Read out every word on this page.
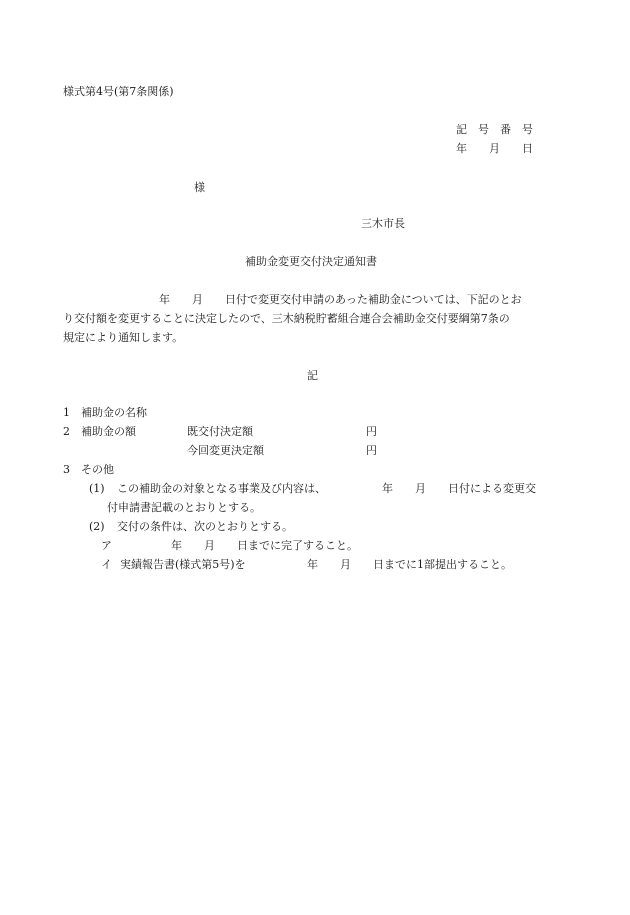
様式第4号(第7条関係)
記　号　番　号
年　　月　　日
様
三木市長
補助金変更交付決定通知書
年　　月　　日付で変更交付申請のあった補助金については、下記のとお
り交付額を変更することに決定したので、三木納税貯蓄組合連合会補助金交付要綱第7条の
規定により通知します。
記
1　補助金の名称
2　補助金の額	既交付決定額	円
今回変更決定額	円
3　その他
(1) この補助金の対象となる事業及び内容は、	年　　月　　日付による変更交
付申請書記載のとおりとする。
(2) 交付の条件は、次のとおりとする。
ア	年　　月　　日までに完了すること。
イ 実績報告書(様式第5号)を	年　　月　　日までに1部提出すること。
